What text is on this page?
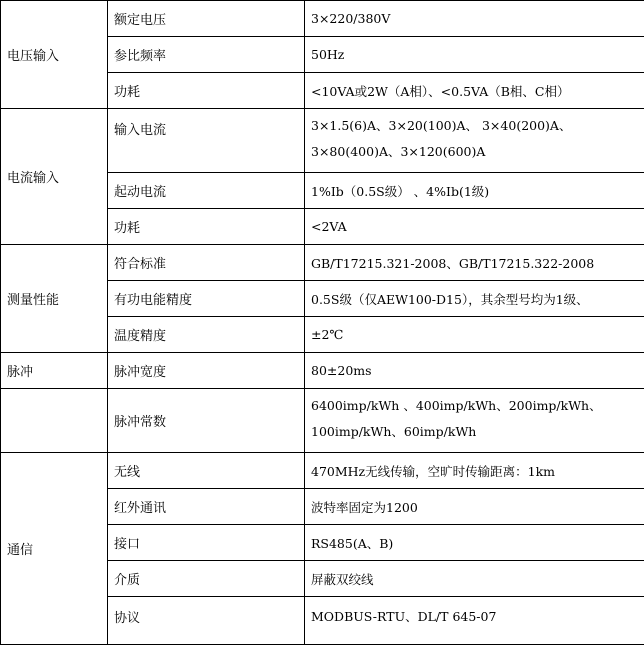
电压输入	额定电压	3×220/380V
	参比频率	50Hz
	功耗	<10VA或2W（A相）、<0.5VA（B相、C相）
电流输入	输入电流	3×1.5(6)A、3×20(100)A、 3×40(200)A、3×80(400)A、3×120(600)A
	起动电流	1%Ib（0.5S级） 、4%Ib(1级)
	功耗	<2VA
测量性能	符合标准	GB/T17215.321-2008、GB/T17215.322-2008
	有功电能精度	0.5S级（仅AEW100-D15），其余型号均为1级、
	温度精度	±2℃
脉冲	脉冲宽度	80±20ms
	脉冲常数	6400imp/kWh 、400imp/kWh、200imp/kWh、100imp/kWh、60imp/kWh
通信	无线	470MHz无线传输，空旷时传输距离：1km
	红外通讯	波特率固定为1200
	接口	RS485(A、B)
	介质	屏蔽双绞线
	协议	MODBUS-RTU、DL/T 645-07
